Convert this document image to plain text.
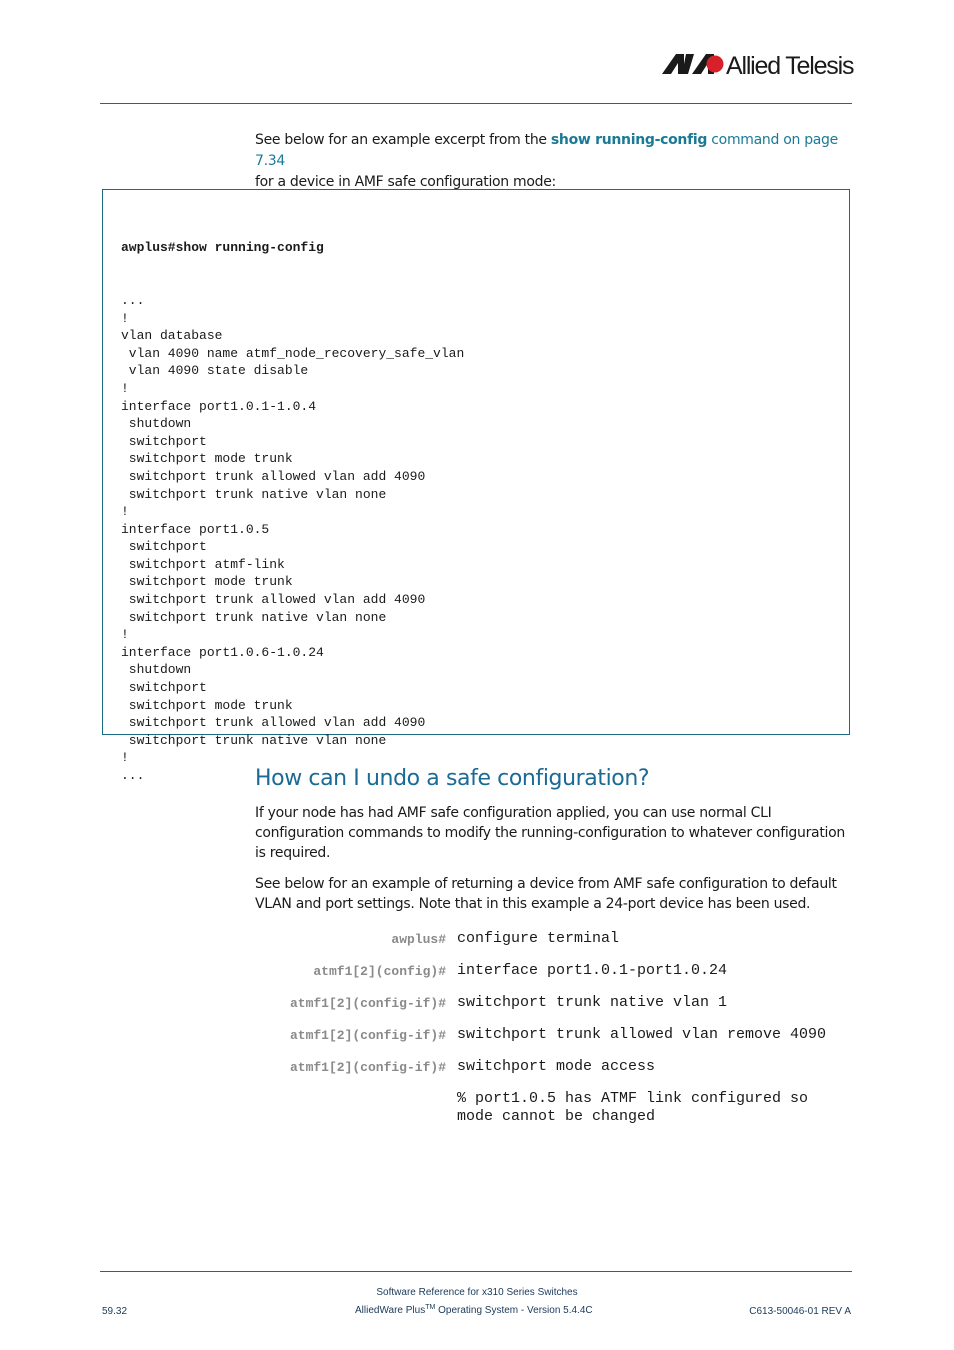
Allied Telesis
See below for an example excerpt from the show running-config command on page 7.34
for a device in AMF safe configuration mode:

awplus#show running-config

...
!
vlan database
vlan 4090 name atmf_node_recovery_safe_vlan
vlan 4090 state disable
!
interface port1.0.1-1.0.4
shutdown
switchport
switchport mode trunk
switchport trunk allowed vlan add 4090
switchport trunk native vlan none
!
interface port1.0.5
switchport
switchport atmf-link
switchport mode trunk
switchport trunk allowed vlan add 4090
switchport trunk native vlan none
!
interface port1.0.6-1.0.24
shutdown
switchport
switchport mode trunk
switchport trunk allowed vlan add 4090
switchport trunk native vlan none
!
...	How can I undo a safe configuration?

If your node has had AMF safe configuration applied, you can use normal CLI configuration commands to modify the running-configuration to whatever configuration is required.

See below for an example of returning a device from AMF safe configuration to default VLAN and port settings. Note that in this example a 24-port device has been used.

awplus# configure terminal
atmf1[2](config)# interface port1.0.1-port1.0.24
atmf1[2](config-if)# switchport trunk native vlan 1
atmf1[2](config-if)# switchport trunk allowed vlan remove 4090
atmf1[2](config-if)# switchport mode access
% port1.0.5 has ATMF link configured so
mode cannot be changed
Software Reference for x310 Series Switches
59.32	AlliedWare Plus™ Operating System - Version 5.4.4C	C613-50046-01 REV A
